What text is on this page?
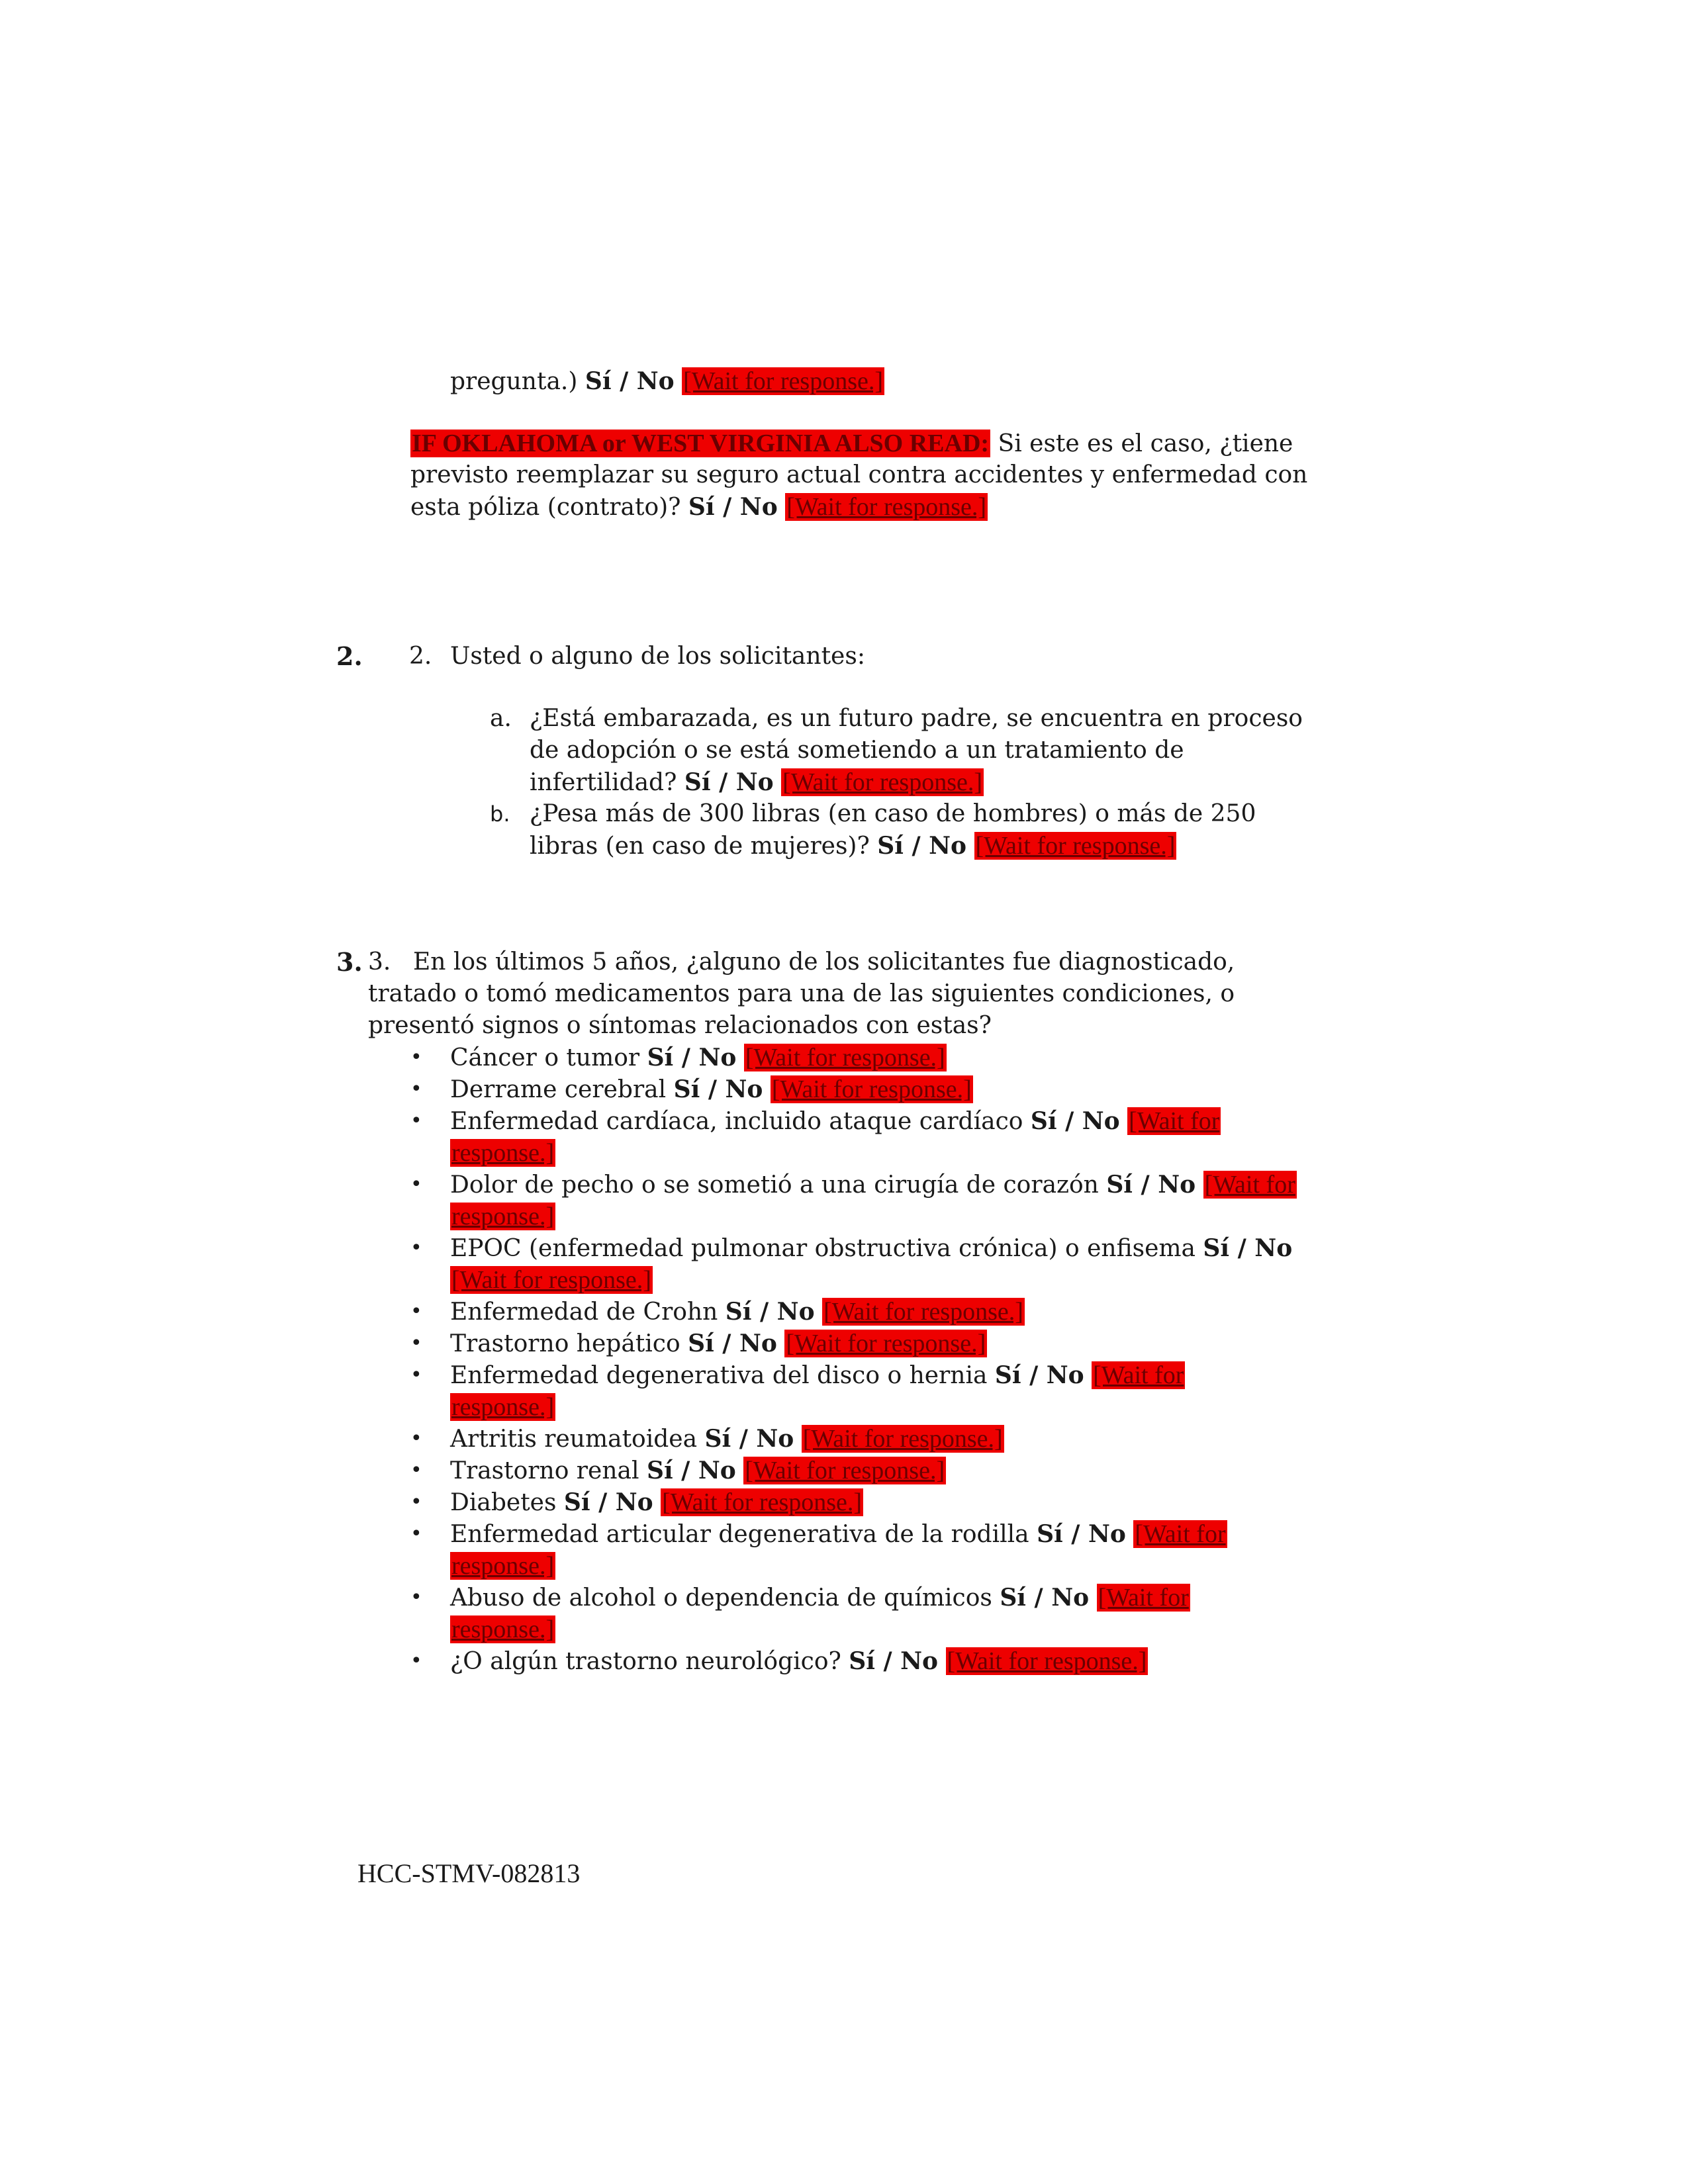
pregunta.) Sí / No [Wait for response.]
IF OKLAHOMA or WEST VIRGINIA ALSO READ: Si este es el caso, ¿tiene
previsto reemplazar su seguro actual contra accidentes y enfermedad con
esta póliza (contrato)? Sí / No [Wait for response.]
2. 2. Usted o alguno de los solicitantes:
a. ¿Está embarazada, es un futuro padre, se encuentra en proceso
de adopción o se está sometiendo a un tratamiento de
infertilidad? Sí / No [Wait for response.]
b. ¿Pesa más de 300 libras (en caso de hombres) o más de 250
libras (en caso de mujeres)? Sí / No [Wait for response.]
3. 3. En los últimos 5 años, ¿alguno de los solicitantes fue diagnosticado,
tratado o tomó medicamentos para una de las siguientes condiciones, o
presentó signos o síntomas relacionados con estas?
• Cáncer o tumor Sí / No [Wait for response.]
• Derrame cerebral Sí / No [Wait for response.]
• Enfermedad cardíaca, incluido ataque cardíaco Sí / No [Wait for
response.]
• Dolor de pecho o se sometió a una cirugía de corazón Sí / No [Wait for
response.]
• EPOC (enfermedad pulmonar obstructiva crónica) o enfisema Sí / No
[Wait for response.]
• Enfermedad de Crohn Sí / No [Wait for response.]
• Trastorno hepático Sí / No [Wait for response.]
• Enfermedad degenerativa del disco o hernia Sí / No [Wait for
response.]
• Artritis reumatoidea Sí / No [Wait for response.]
• Trastorno renal Sí / No [Wait for response.]
• Diabetes Sí / No [Wait for response.]
• Enfermedad articular degenerativa de la rodilla Sí / No [Wait for
response.]
• Abuso de alcohol o dependencia de químicos Sí / No [Wait for
response.]
• ¿O algún trastorno neurológico? Sí / No [Wait for response.]
HCC-STMV-082813
